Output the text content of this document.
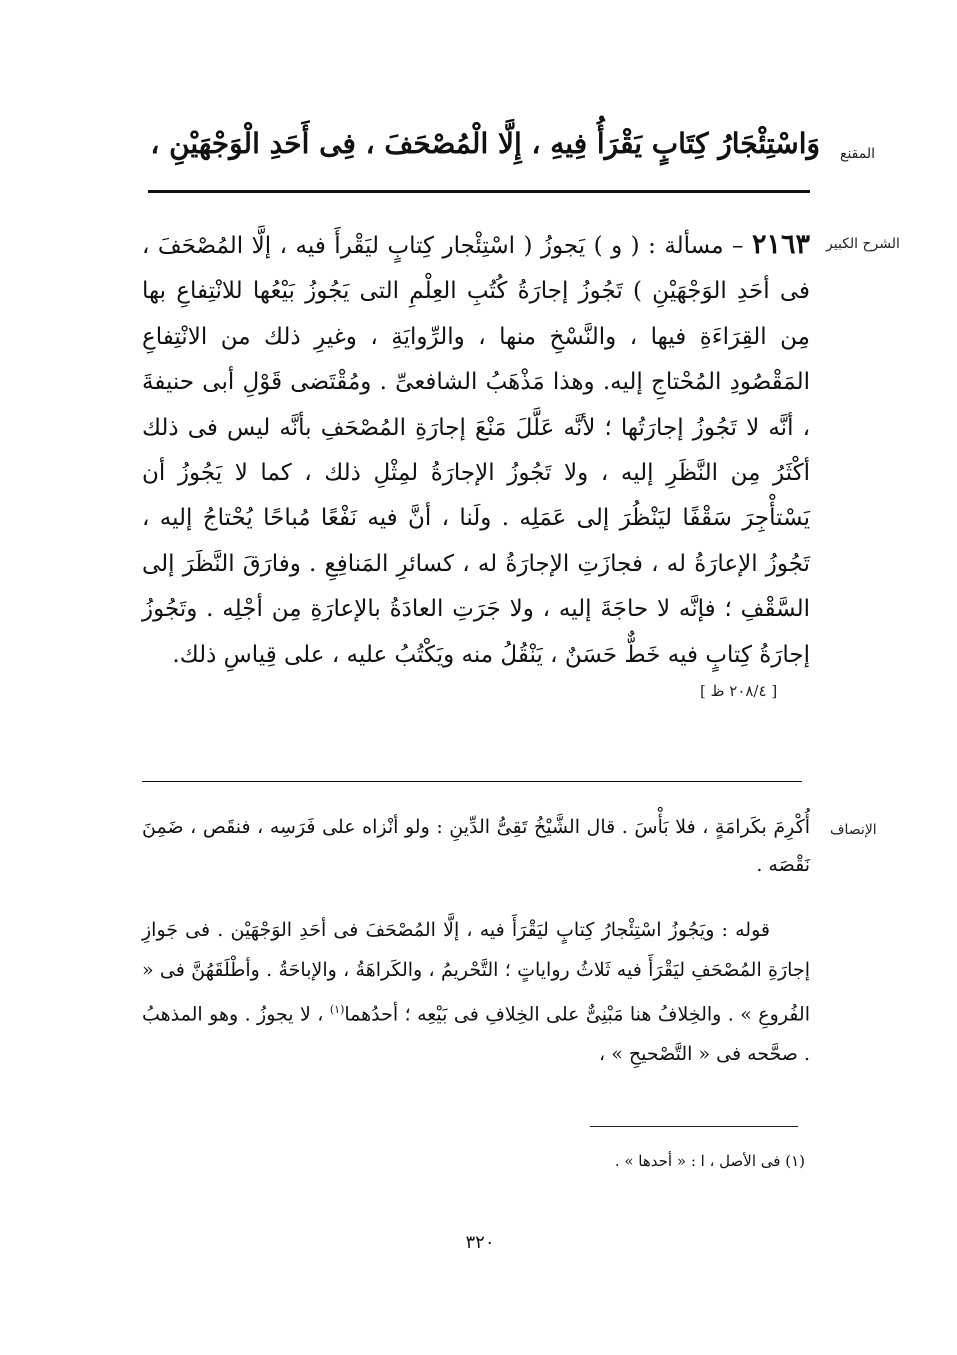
المقنع
وَاسْتِئْجَارُ كِتَابٍ يَقْرَأُ فِيهِ ، إِلَّا الْمُصْحَفَ ، فِى أَحَدِ الْوَجْهَيْنِ ،
الشرح الكبير

٢١٦٣ – مسألة : ( و ) يَجوزُ ( اسْتِئْجار كِتابٍ ليَقْرأَ فيه ، إلَّا المُصْحَفَ ، فى أحَدِ الوَجْهَيْنِ ) تَجُوزُ إجارَةُ كُتُبِ العِلْمِ التى يَجُوزُ بَيْعُها للانْتِفاعِ بها مِن القِرَاءَةِ فيها ، والنَّسْخِ منها ، والرِّوايَةِ ، وغيرِ ذلك من الانْتِفاعِ المَقْصُودِ المُحْتاجِ إليه. وهذا مَذْهَبُ الشافعىِّ . ومُقْتَضى قَوْلِ أبى حنيفةَ ، أنَّه لا تَجُوزُ إجارَتُها ؛ لأنَّه عَلَّلَ مَنْعَ إجارَةِ المُصْحَفِ بأنَّه ليس فى ذلك أكْثَرُ مِن النَّظَرِ إليه ، ولا تَجُوزُ الإجارَةُ لمِثْلِ ذلك ، كما لا يَجُوزُ أن يَسْتأْجِرَ سَقْفًا ليَنْظُرَ إلى عَمَلِه . ولَنا ، أنَّ فيه نَفْعًا مُباحًا يُحْتاجُ إليه ، تَجُوزُ الإعارَةُ له ، فجازَتِ الإجارَةُ له ، كسائرِ المَنافِعِ . وفارَقَ النَّظَرَ إلى السَّقْفِ ؛ فإنَّه لا حاجَةَ إليه ، ولا جَرَتِ العادَةُ بالإعارَةِ مِن أجْلِه . وتَجُوزُ إجارَةُ كِتابٍ فيه خَطٌّ حَسَنٌ ، يَنْقُلُ منه ويَكْتُبُ عليه ، على قِياسِ ذلك.

[ ٢٠٨/٤ ظ ]
الإنصاف

أُكْرِمَ بكَرامَةٍ ، فلا بَأْسَ . قال الشَّيْخُ تَقِىُّ الدِّينِ : ولو أنْزاه على فَرَسِه ، فنقَص ، ضَمِنَ نَقْصَه .

قوله : ويَجُوزُ اسْتِئْجارُ كِتابٍ ليَقْرَأَ فيه ، إلَّا المُصْحَفَ فى أحَدِ الوَجْهَيْن . فى جَوازِ إجارَةِ المُصْحَفِ ليَقْرَأَ فيه ثَلاثُ رواياتٍ ؛ التَّحْريمُ ، والكَراهَةُ ، والإباحَةُ . وأطْلَقَهُنَّ فى « الفُروعِ » . والخِلافُ هنا مَبْنِىٌّ على الخِلافِ فى بَيْعِه ؛ أحدُهما$^{(١)}$ ، لا يجوزُ . وهو المذهبُ . صحَّحه فى « التَّصْحيحِ » ،

(١) فى الأصل ، ا : « أحدها » .
٣٢٠
